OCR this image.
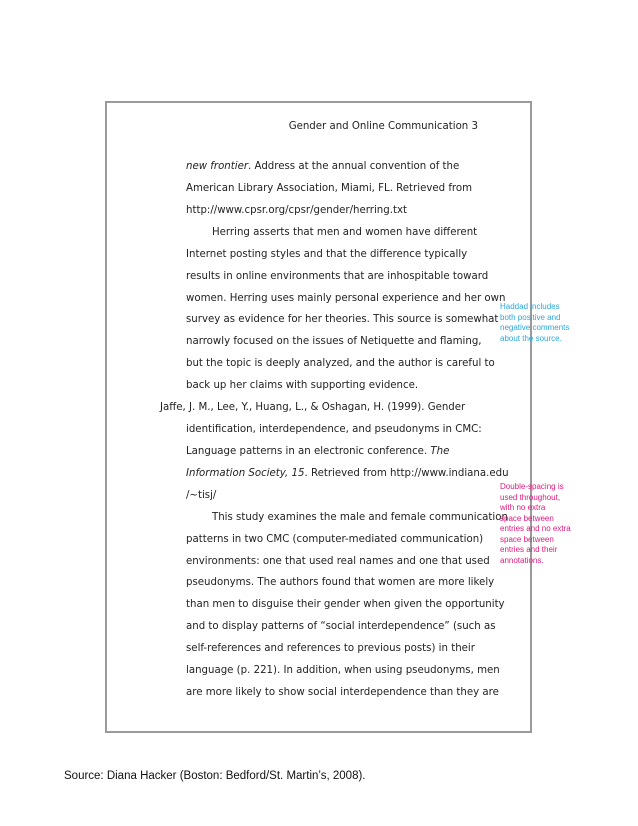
Gender and Online Communication 3
new frontier. Address at the annual convention of the
American Library Association, Miami, FL. Retrieved from
http://www.cpsr.org/cpsr/gender/herring.txt
Herring asserts that men and women have different
Internet posting styles and that the difference typically
results in online environments that are inhospitable toward
women. Herring uses mainly personal experience and her own
survey as evidence for her theories. This source is somewhat
narrowly focused on the issues of Netiquette and flaming,
but the topic is deeply analyzed, and the author is careful to
back up her claims with supporting evidence.
Jaffe, J. M., Lee, Y., Huang, L., & Oshagan, H. (1999). Gender
identification, interdependence, and pseudonyms in CMC:
Language patterns in an electronic conference. The
Information Society, 15. Retrieved from http://www.indiana.edu
/~tisj/
This study examines the male and female communication
patterns in two CMC (computer-mediated communication)
environments: one that used real names and one that used
pseudonyms. The authors found that women are more likely
than men to disguise their gender when given the opportunity
and to display patterns of “social interdependence” (such as
self-references and references to previous posts) in their
language (p. 221). In addition, when using pseudonyms, men
are more likely to show social interdependence than they are
Haddad includes
both positive and
negative comments
about the source.
Double-spacing is
used throughout,
with no extra
space between
entries and no extra
space between
entries and their
annotations.
Source: Diana Hacker (Boston: Bedford/St. Martin’s, 2008).
